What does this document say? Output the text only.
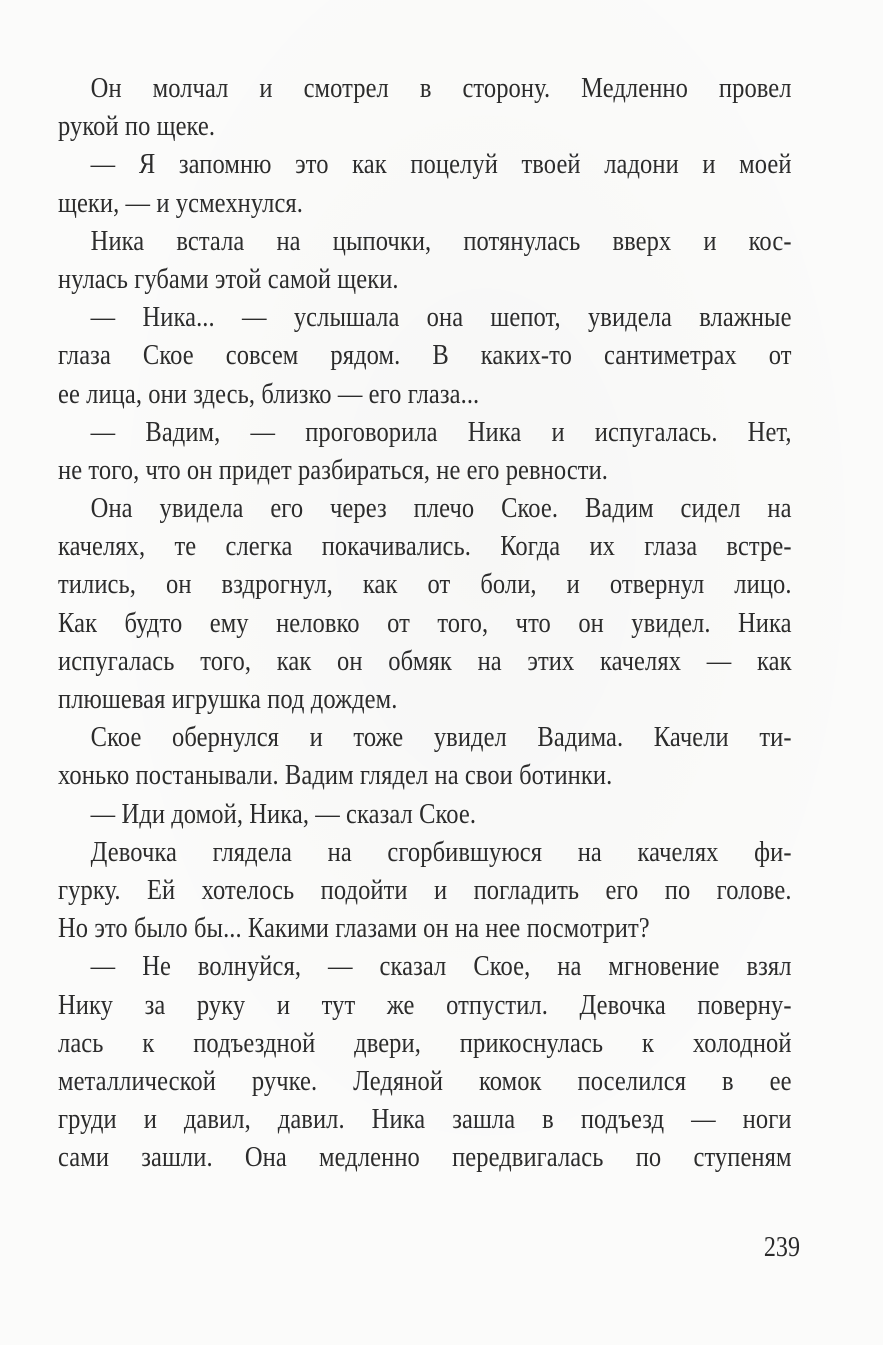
Он молчал и смотрел в сторону. Медленно провел
рукой по щеке.
— Я запомню это как поцелуй твоей ладони и моей
щеки, — и усмехнулся.
Ника встала на цыпочки, потянулась вверх и кос-
нулась губами этой самой щеки.
— Ника... — услышала она шепот, увидела влажные
глаза Ское совсем рядом. В каких-то сантиметрах от
ее лица, они здесь, близко — его глаза...
— Вадим, — проговорила Ника и испугалась. Нет,
не того, что он придет разбираться, не его ревности.
Она увидела его через плечо Ское. Вадим сидел на
качелях, те слегка покачивались. Когда их глаза встре-
тились, он вздрогнул, как от боли, и отвернул лицо.
Как будто ему неловко от того, что он увидел. Ника
испугалась того, как он обмяк на этих качелях — как
плюшевая игрушка под дождем.
Ское обернулся и тоже увидел Вадима. Качели ти-
хонько постанывали. Вадим глядел на свои ботинки.
— Иди домой, Ника, — сказал Ское.
Девочка глядела на сгорбившуюся на качелях фи-
гурку. Ей хотелось подойти и погладить его по голове.
Но это было бы... Какими глазами он на нее посмотрит?
— Не волнуйся, — сказал Ское, на мгновение взял
Нику за руку и тут же отпустил. Девочка поверну-
лась к подъездной двери, прикоснулась к холодной
металлической ручке. Ледяной комок поселился в ее
груди и давил, давил. Ника зашла в подъезд — ноги
сами зашли. Она медленно передвигалась по ступеням
239
